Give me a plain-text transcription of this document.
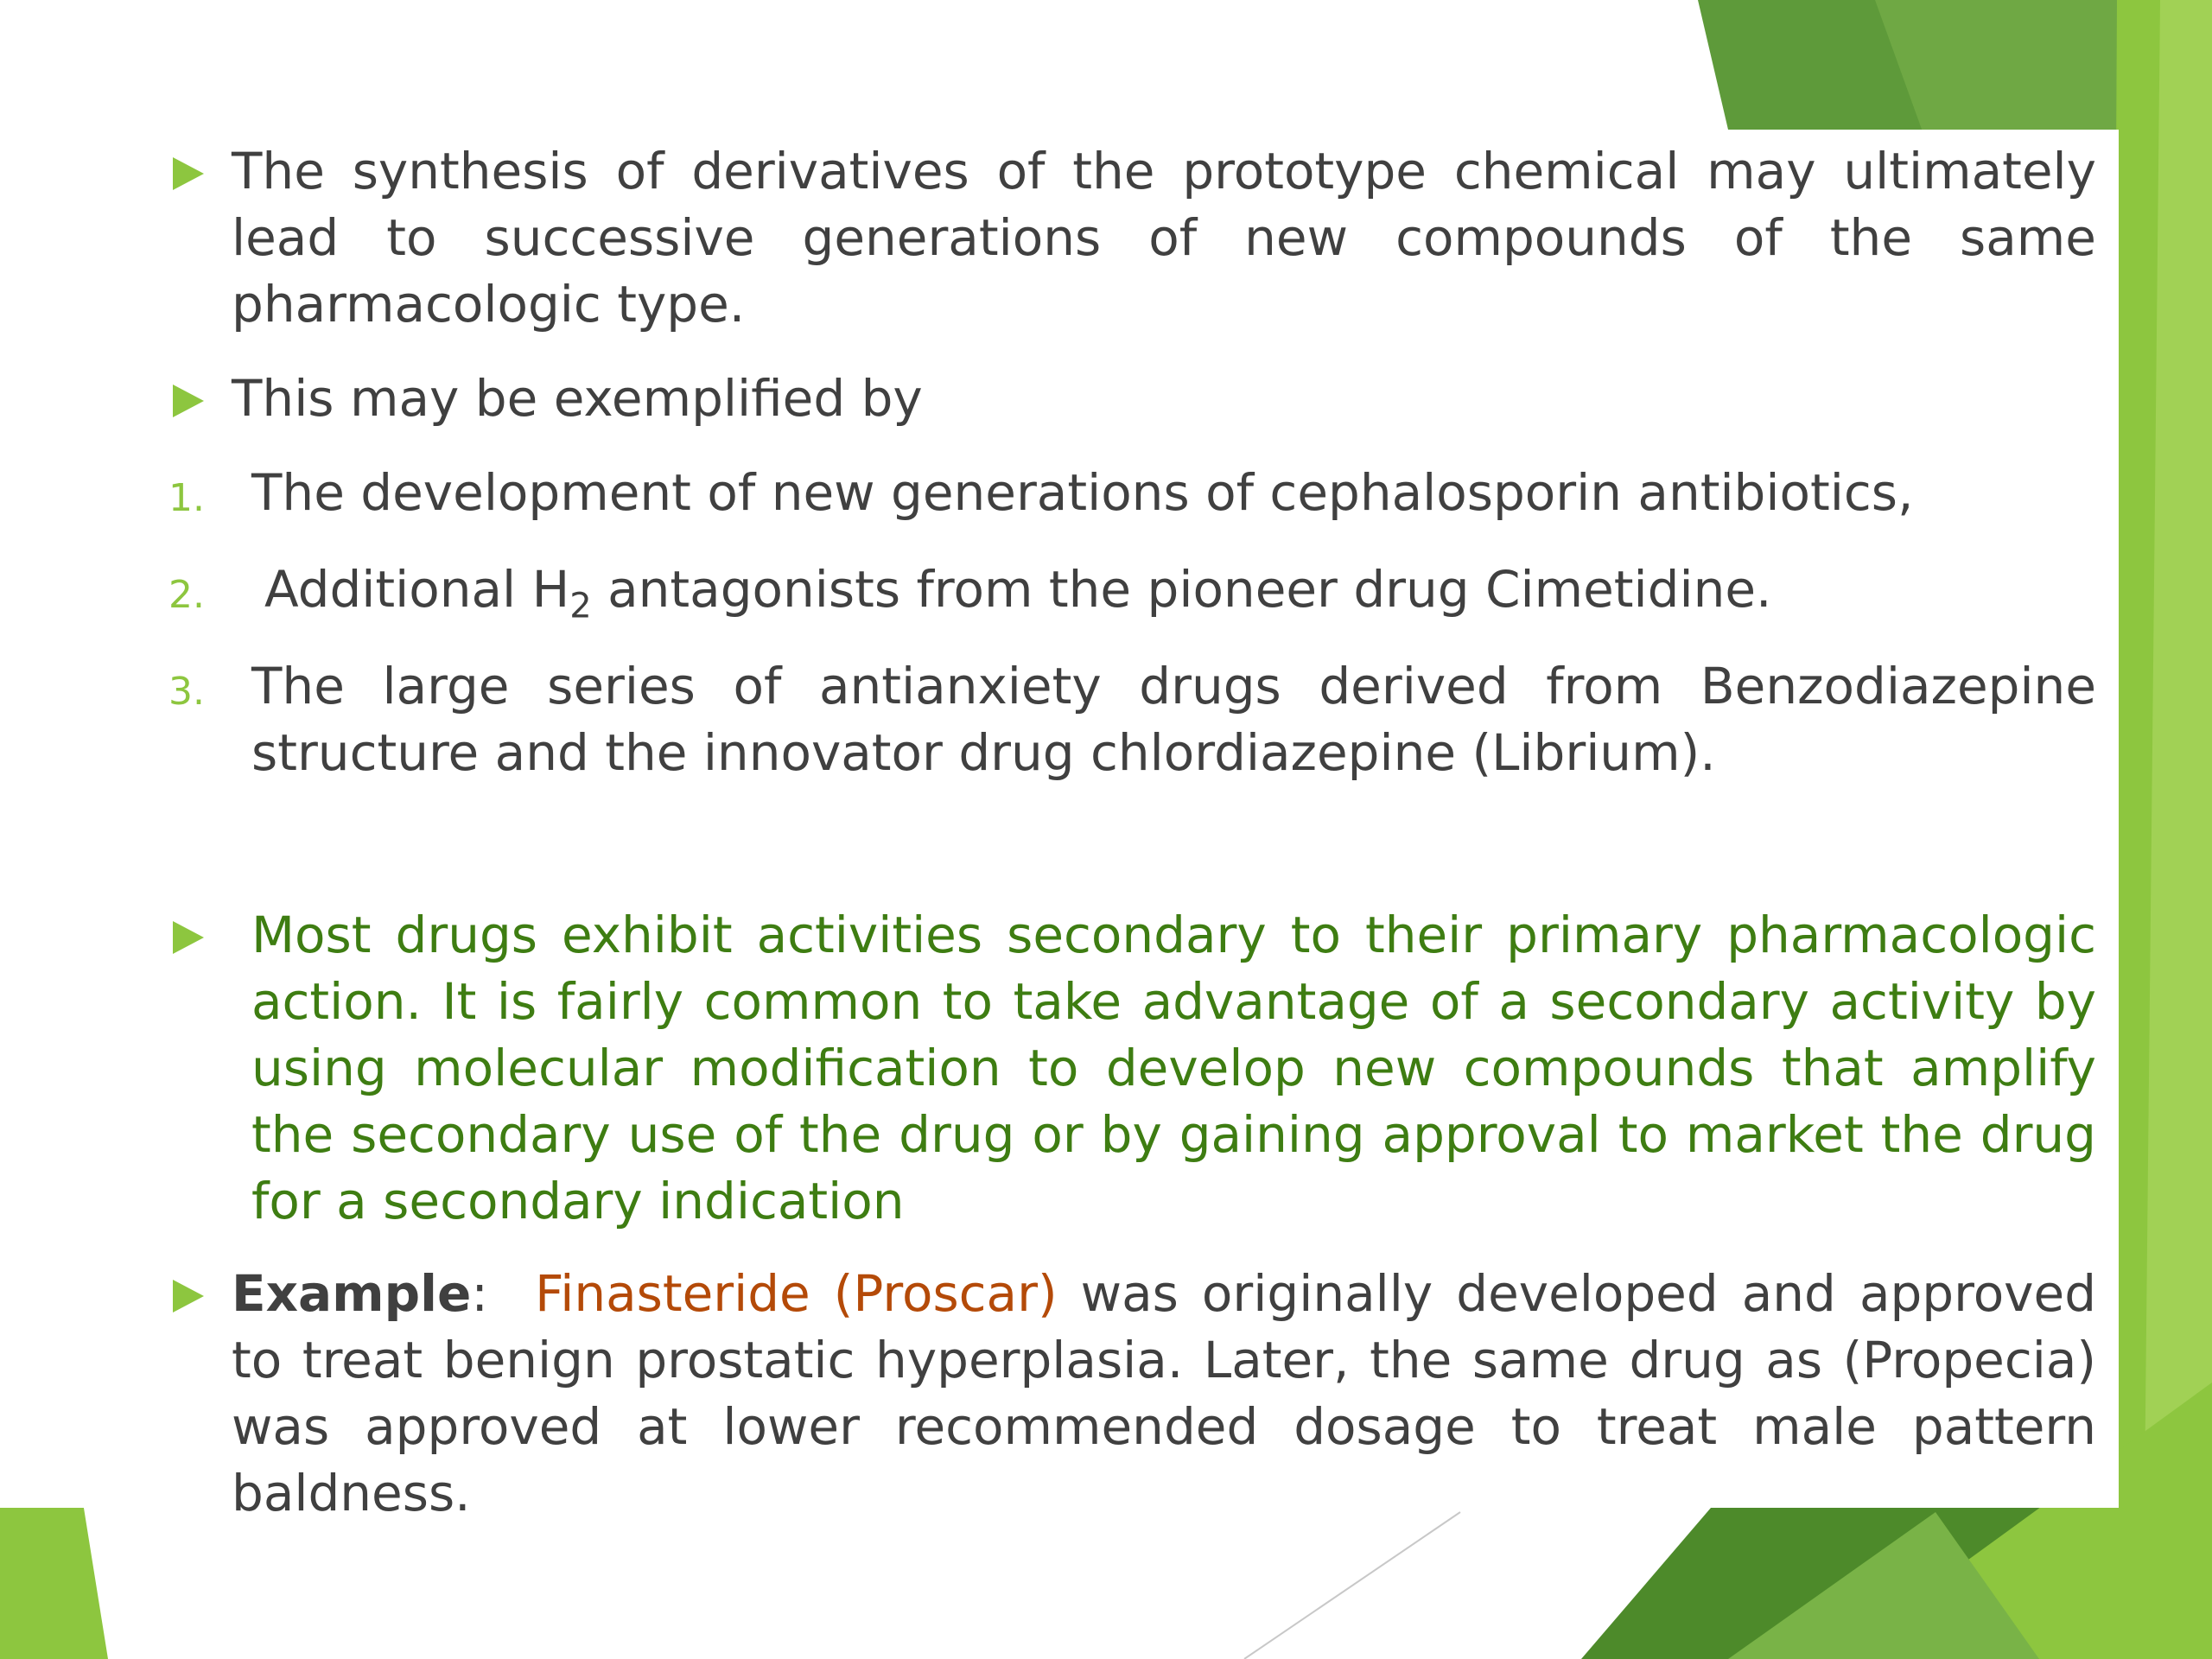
The synthesis of derivatives of the prototype chemical may ultimately lead to successive generations of new compounds of the same pharmacologic type.
This may be exemplified by
1. The development of new generations of cephalosporin antibiotics,
2.	Additional $H_2$ antagonists from the pioneer drug Cimetidine.
3. The large series of antianxiety drugs derived from Benzodiazepine structure and the innovator drug chlordiazepine (Librium).
Most drugs exhibit activities secondary to their primary pharmacologic action. It is fairly common to take advantage of a secondary activity by using molecular modification to develop new compounds that amplify the secondary use of the drug or by gaining approval to market the drug for a secondary indication
Example: Finasteride (Proscar) was originally developed and approved to treat benign prostatic hyperplasia. Later, the same drug as (Propecia) was approved at lower recommended dosage to treat male pattern baldness.
